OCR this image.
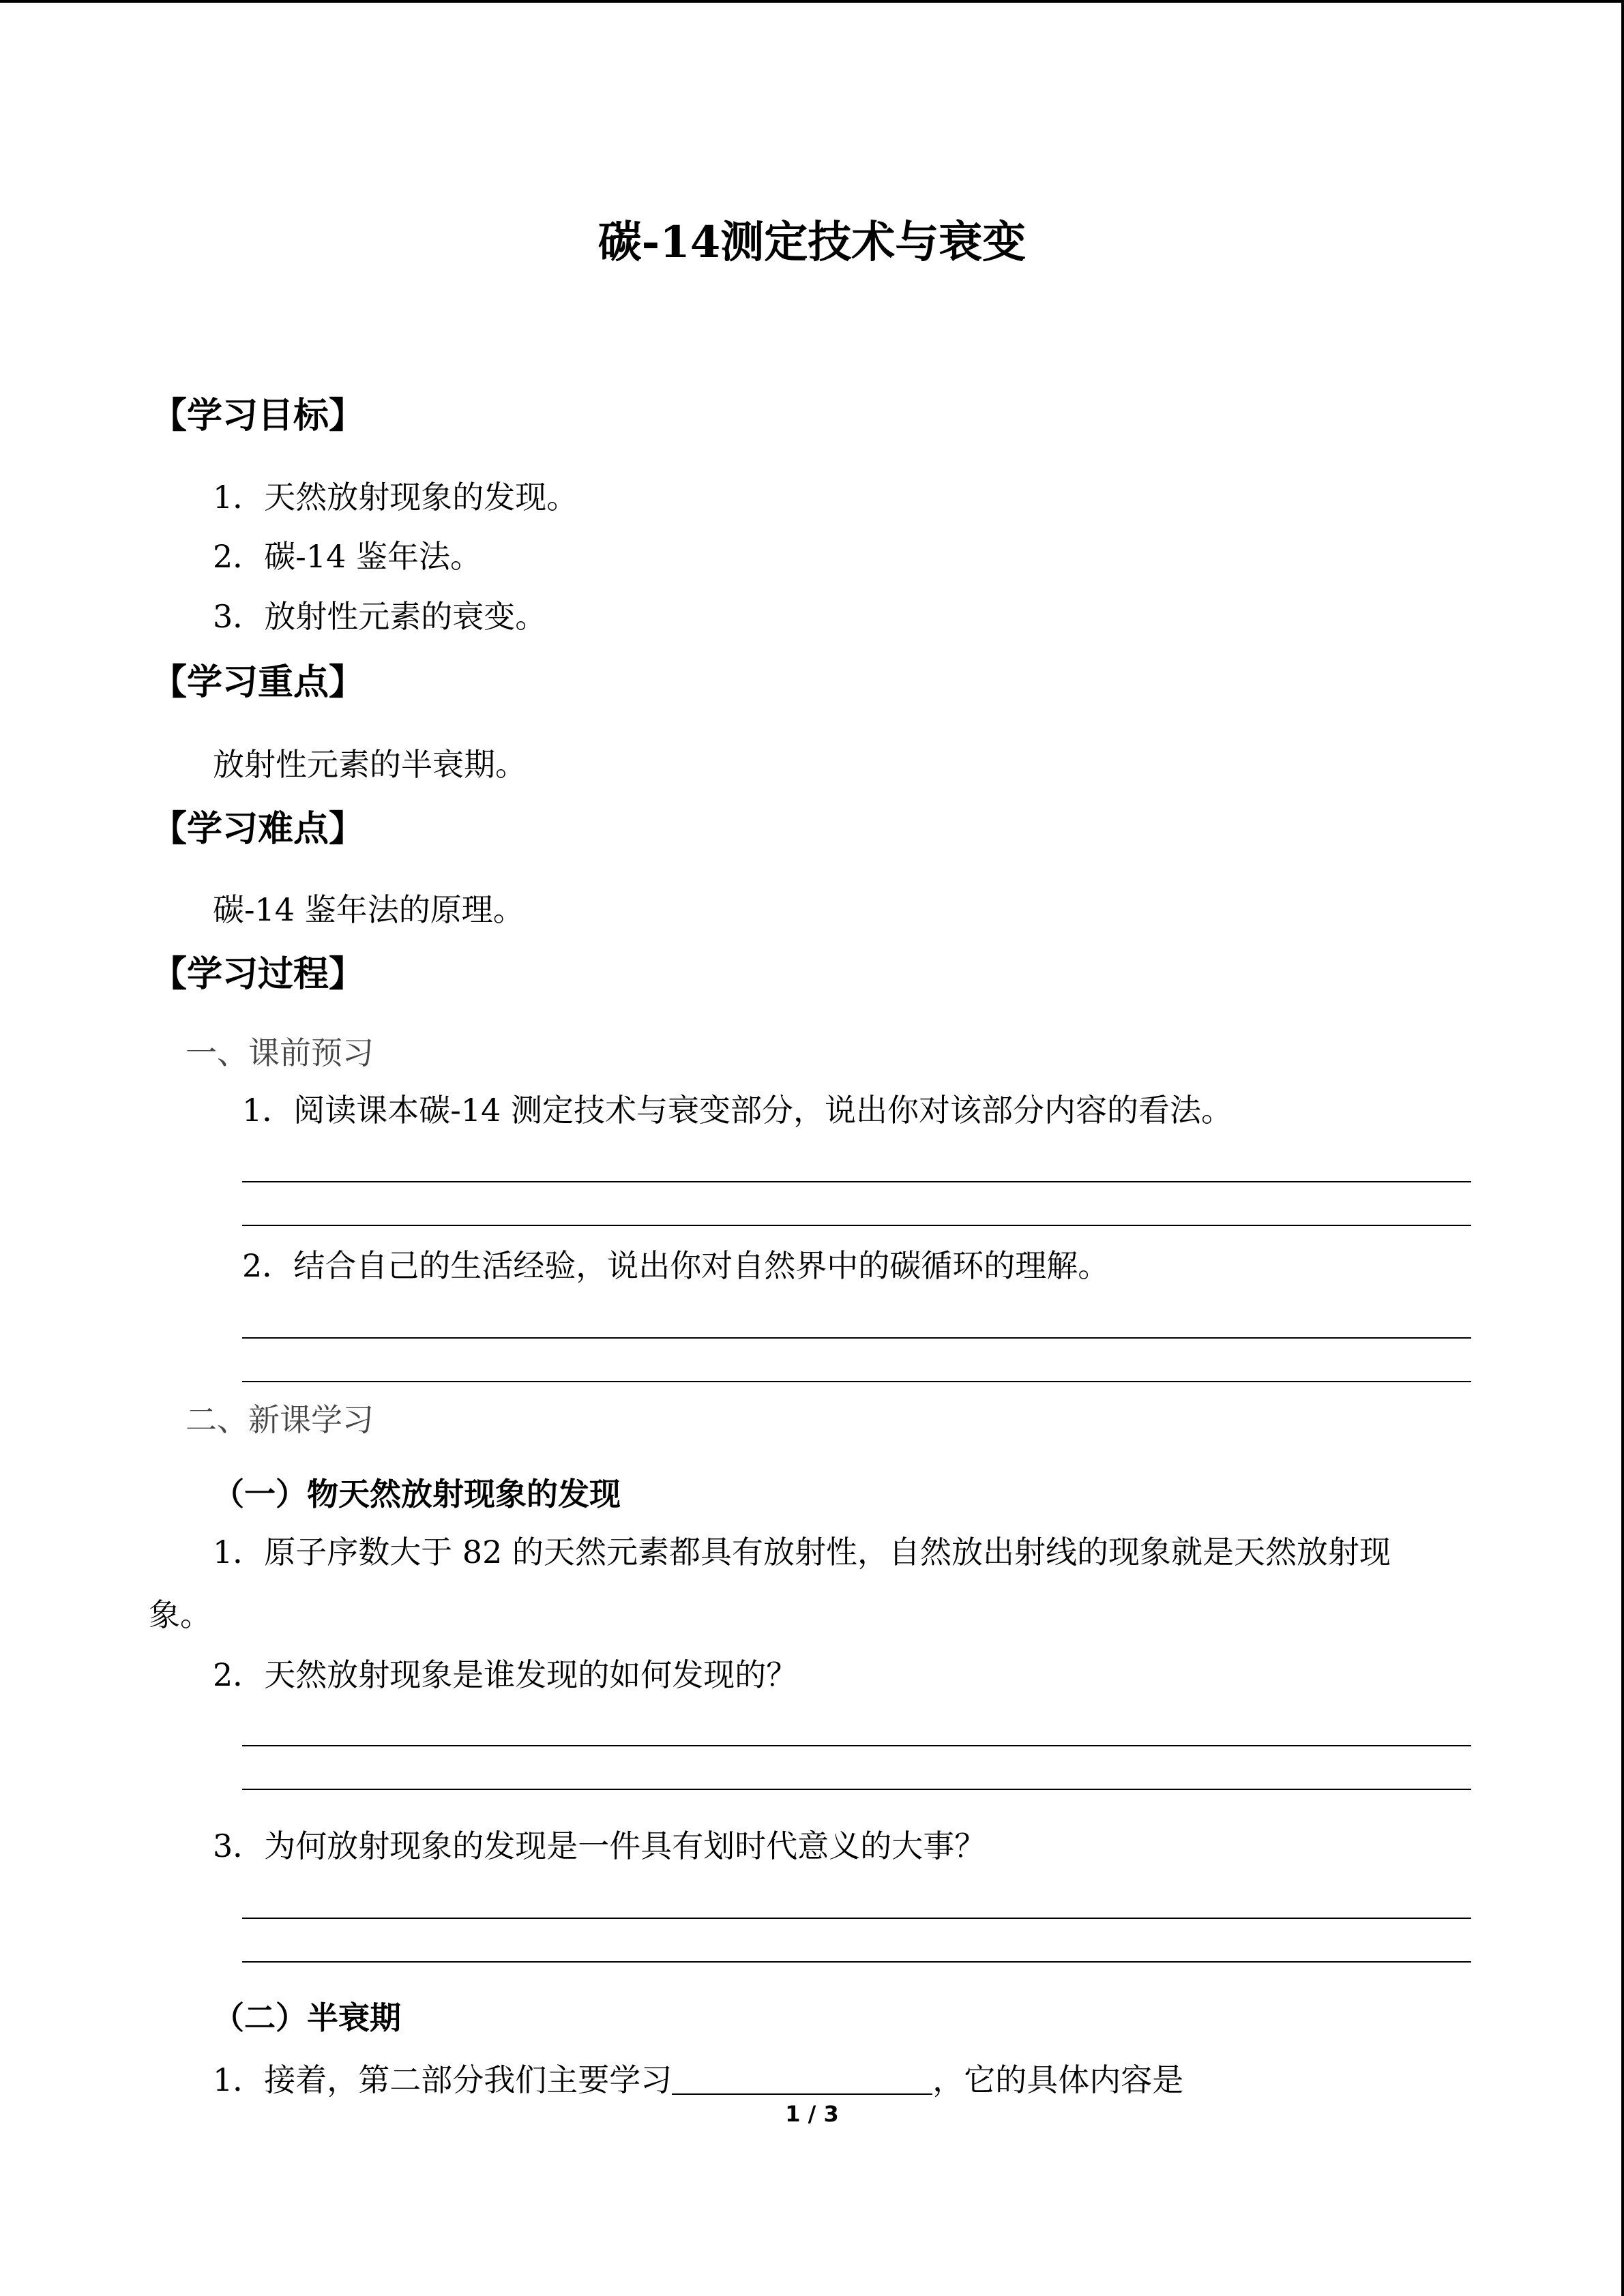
碳-14测定技术与衰变
【学习目标】
1．天然放射现象的发现。
2．碳-14 鉴年法。
3．放射性元素的衰变。
【学习重点】
放射性元素的半衰期。
【学习难点】
碳-14 鉴年法的原理。
【学习过程】
一、课前预习
1．阅读课本碳-14 测定技术与衰变部分，说出你对该部分内容的看法。
2．结合自己的生活经验，说出你对自然界中的碳循环的理解。
二、新课学习
（一）物天然放射现象的发现
1．原子序数大于 82 的天然元素都具有放射性，自然放出射线的现象就是天然放射现
象。
2．天然放射现象是谁发现的如何发现的？
3．为何放射现象的发现是一件具有划时代意义的大事？
（二）半衰期
1．接着，第二部分我们主要学习	，它的具体内容是
1 / 3
